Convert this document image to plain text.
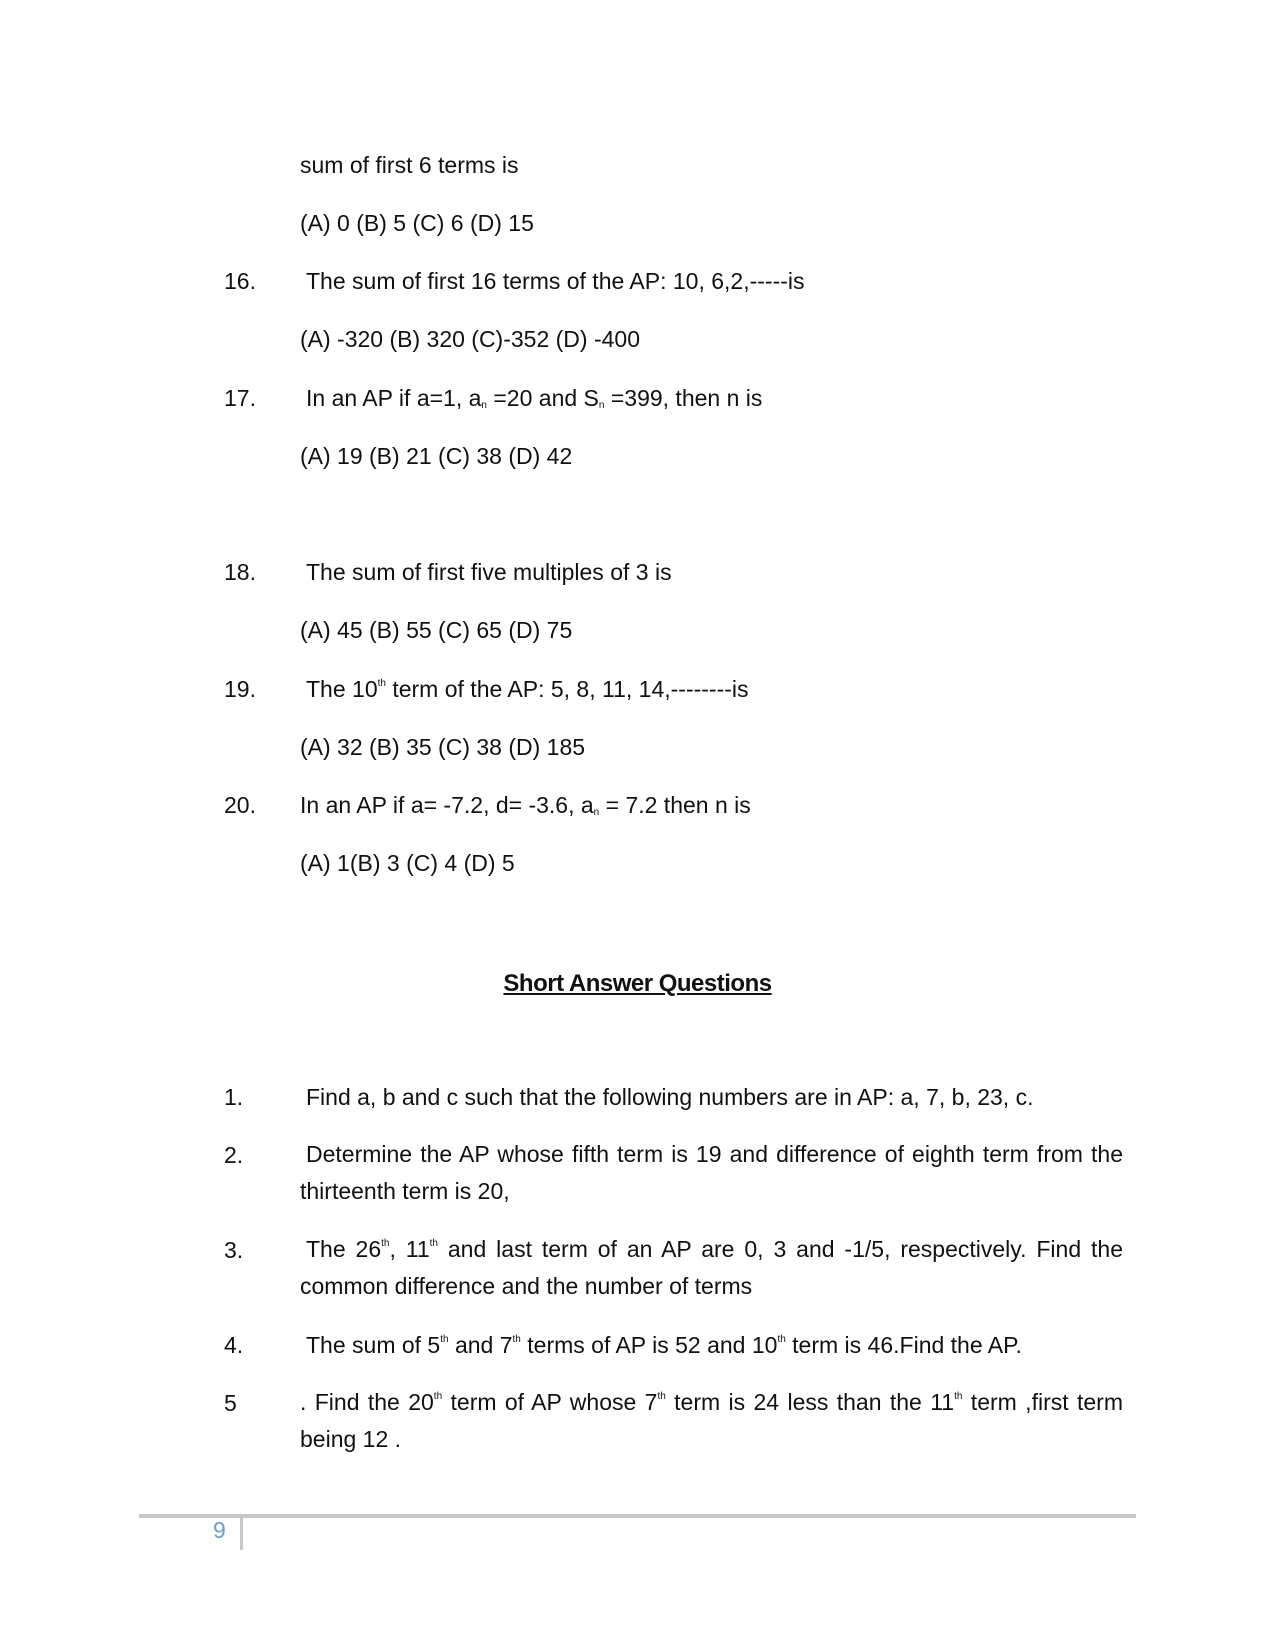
sum of first 6 terms is
(A) 0 (B) 5 (C) 6 (D) 15
16. The sum of first 16 terms of the AP: 10, 6,2,-----is
(A) -320 (B) 320 (C)-352 (D) -400
17. In an AP if a=1, $a_n =20$ and $S_n =399$, then n is
(A) 19 (B) 21 (C) 38 (D) 42
18. The sum of first five multiples of 3 is
(A) 45 (B) 55 (C) 65 (D) 75
19. The 10th term of the AP: 5, 8, 11, 14,--------is
(A) 32 (B) 35 (C) 38 (D) 185
20. In an AP if a= -7.2, d= -3.6, $a_n = 7.2$ then n is
(A) 1(B) 3 (C) 4 (D) 5
Short Answer Questions
1.	Find a, b and c such that the following numbers are in AP: a, 7, b, 23, c.
2.	Determine the AP whose fifth term is 19 and difference of eighth term from the thirteenth term is 20,
3.	The 26th, 11th and last term of an AP are 0, 3 and -1/5, respectively. Find the common difference and the number of terms
4.	The sum of 5th and 7th terms of AP is 52 and 10th term is 46.Find the AP.
5	. Find the 20th term of AP whose 7th term is 24 less than the 11th term ,first term being 12 .
9
